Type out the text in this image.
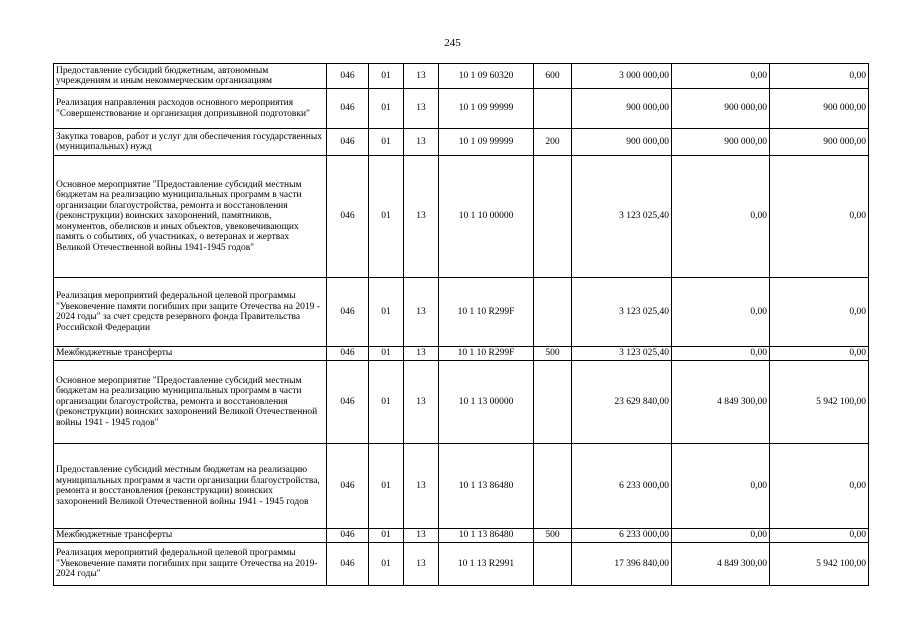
245
Предоставление субсидий бюджетным, автономным учреждениям и иным некоммерческим организациям	046	01	13	10 1 09 60320	600	3 000 000,00	0,00	0,00
Реализация направления расходов основного мероприятия "Совершенствование и организация допризывной подготовки"	046	01	13	10 1 09 99999		900 000,00	900 000,00	900 000,00
Закупка товаров, работ и услуг для обеспечения государственных (муниципальных) нужд	046	01	13	10 1 09 99999	200	900 000,00	900 000,00	900 000,00
Основное мероприятие "Предоставление субсидий местным бюджетам на реализацию муниципальных программ в части организации благоустройства, ремонта и восстановления (реконструкции) воинских захоронений, памятников, монументов, обелисков и иных объектов, увековечивающих память о событиях, об участниках, о ветеранах и жертвах Великой Отечественной войны 1941-1945 годов"	046	01	13	10 1 10 00000		3 123 025,40	0,00	0,00
Реализация мероприятий федеральной целевой программы "Увековечение памяти погибших при защите Отечества на 2019 - 2024 годы" за счет средств резервного фонда Правительства Российской Федерации	046	01	13	10 1 10 R299F		3 123 025,40	0,00	0,00
Межбюджетные трансферты	046	01	13	10 1 10 R299F	500	3 123 025,40	0,00	0,00
Основное мероприятие "Предоставление субсидий местным бюджетам на реализацию муниципальных программ в части организации благоустройства, ремонта и восстановления (реконструкции) воинских захоронений Великой Отечественной войны 1941 - 1945 годов"	046	01	13	10 1 13 00000		23 629 840,00	4 849 300,00	5 942 100,00
Предоставление субсидий местным бюджетам на реализацию муниципальных программ в части организации благоустройства, ремонта и восстановления (реконструкции) воинских захоронений Великой Отечественной войны 1941 - 1945 годов	046	01	13	10 1 13 86480		6 233 000,00	0,00	0,00
Межбюджетные трансферты	046	01	13	10 1 13 86480	500	6 233 000,00	0,00	0,00
Реализация мероприятий федеральной целевой программы "Увековечение памяти погибших при защите Отечества на 2019-2024 годы"	046	01	13	10 1 13 R2991		17 396 840,00	4 849 300,00	5 942 100,00
